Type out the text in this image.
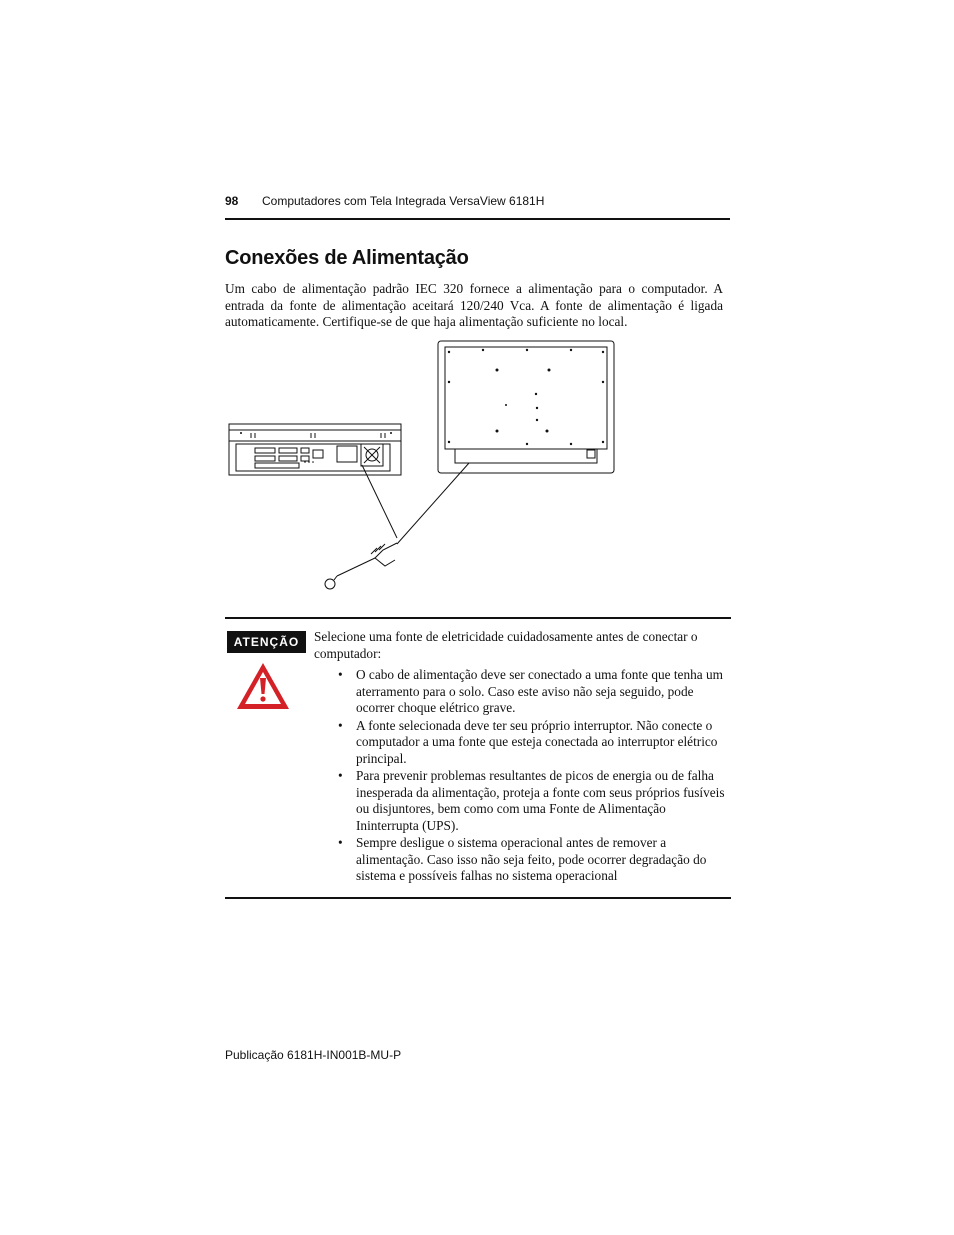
98 Computadores com Tela Integrada VersaView 6181H
Conexões de Alimentação

Um cabo de alimentação padrão IEC 320 fornece a alimentação para o computador. A entrada da fonte de alimentação aceitará 120/240 Vca. A fonte de alimentação é ligada automaticamente. Certifique-se de que haja alimentação suficiente no local.

ATENÇÃO	Selecione uma fonte de eletricidade cuidadosamente antes de conectar o computador:

• O cabo de alimentação deve ser conectado a uma fonte que tenha um aterramento para o solo. Caso este aviso não seja seguido, pode ocorrer choque elétrico grave.
• A fonte selecionada deve ter seu próprio interruptor. Não conecte o computador a uma fonte que esteja conectada ao interruptor elétrico principal.
• Para prevenir problemas resultantes de picos de energia ou de falha inesperada da alimentação, proteja a fonte com seus próprios fusíveis ou disjuntores, bem como com uma Fonte de Alimentação Ininterrupta (UPS).
• Sempre desligue o sistema operacional antes de remover a alimentação. Caso isso não seja feito, pode ocorrer degradação do sistema e possíveis falhas no sistema operacional
Publicação 6181H-IN001B-MU-P
